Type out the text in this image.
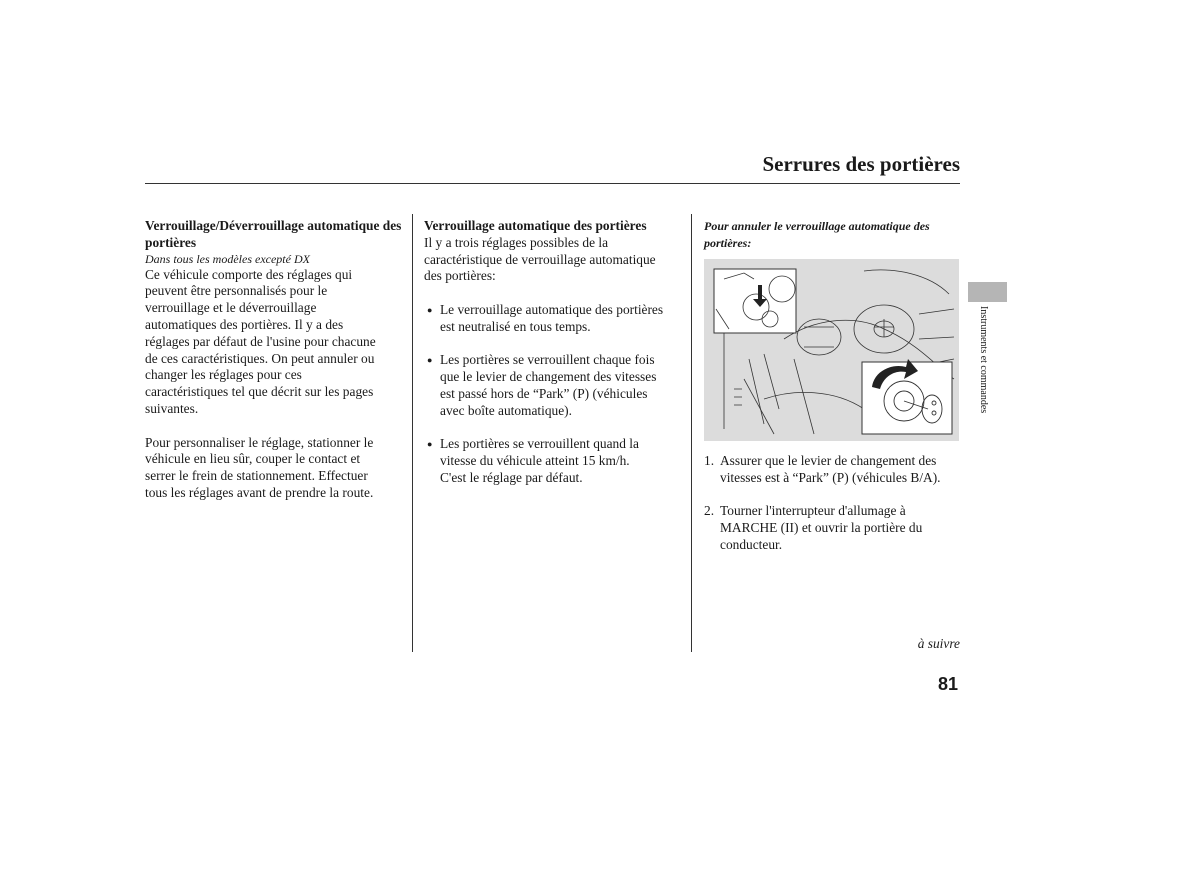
Serrures des portières

Verrouillage/Déverrouillage automatique des portières

Dans tous les modèles excepté DX

Ce véhicule comporte des réglages qui

peuvent être personnalisés pour le

verrouillage et le déverrouillage

automatiques des portières. Il y a des

réglages par défaut de l'usine pour chacune

de ces caractéristiques. On peut annuler ou

changer les réglages pour ces

caractéristiques tel que décrit sur les pages

suivantes.

Pour personnaliser le réglage, stationner le

véhicule en lieu sûr, couper le contact et

serrer le frein de stationnement. Effectuer

tous les réglages avant de prendre la route.

Verrouillage automatique des portières

Il y a trois réglages possibles de la

caractéristique de verrouillage automatique

des portières:

● Le verrouillage automatique des portières

est neutralisé en tous temps.

● Les portières se verrouillent chaque fois

que le levier de changement des vitesses

est passé hors de “Park” (P) (véhicules

avec boîte automatique).

● Les portières se verrouillent quand la

vitesse du véhicule atteint 15 km/h.

C'est le réglage par défaut.

Pour annuler le verrouillage automatique des

portières:

1. Assurer que le levier de changement des

vitesses est à “Park” (P) (véhicules B/A).

2. Tourner l'interrupteur d'allumage à

MARCHE (II) et ouvrir la portière du

conducteur.

Instruments et commandes
à suivre
81
